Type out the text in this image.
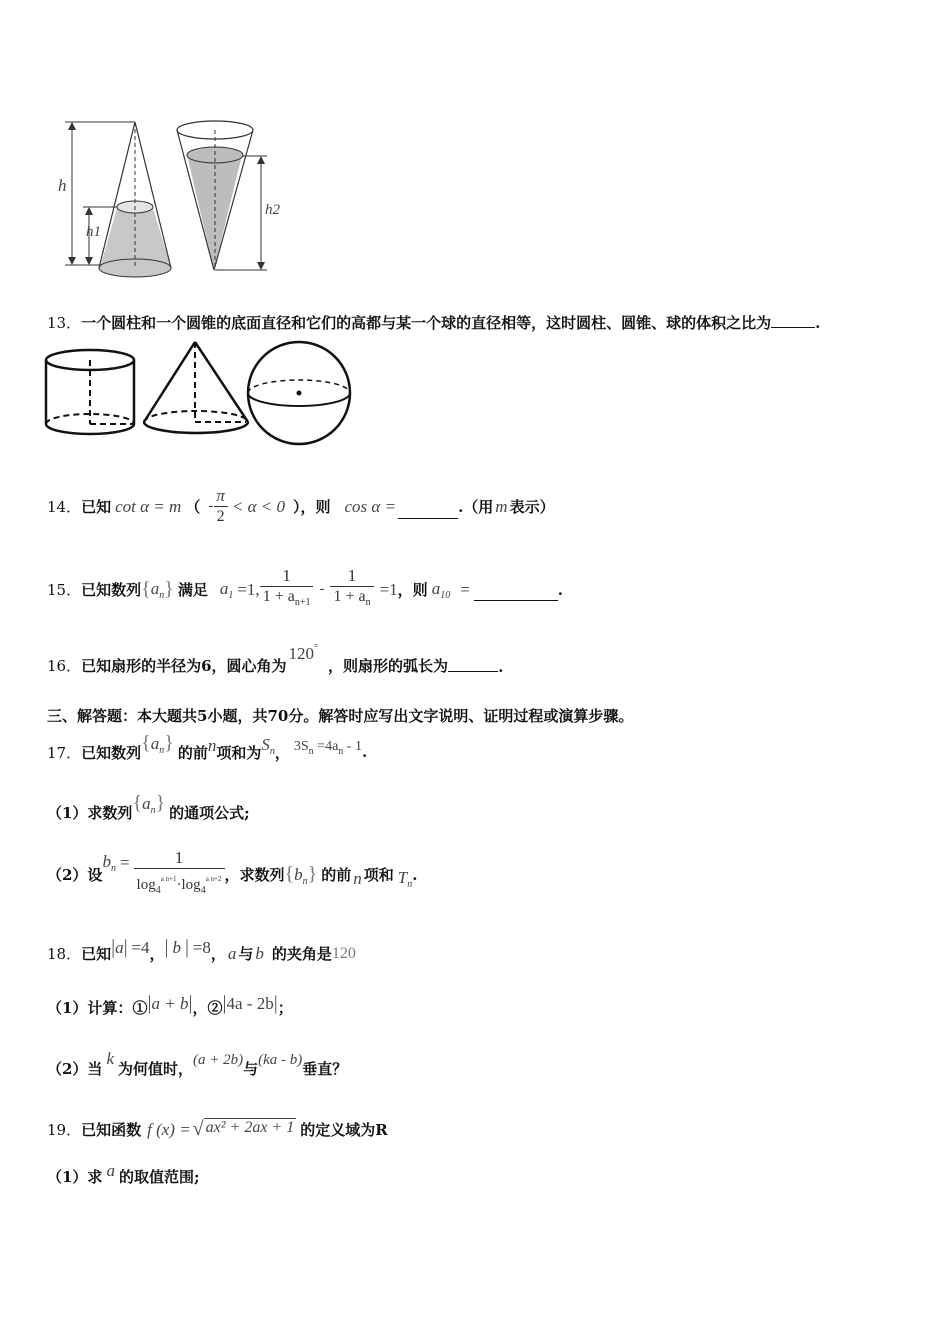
h
h1
h2
13．一个圆柱和一个圆锥的底面直径和它们的高都与某一个球的直径相等，这时圆柱、圆锥、球的体积之比为	.
14． 已知 cot α = m （ - $\frac{\pi}{2} < \alpha < 0$ ），则 cos α =	.（用 m 表示）
15． 已知数列 { $a_n$ } 满足 $a_1 =1$, $\frac{1}{1 + a_{n+1}} - \frac{1}{1 + a_n} =1$ ，则 $a_{10}$ =	.
16． 已知扇形的半径为6，圆心角为
120°
，则扇形的弧长为	.
三、解答题：本大题共5小题，共70分。解答时应写出文字说明、证明过程或演算步骤。
17． 已知数列 $\{a_n\}$ 的前 n 项和为 $S_n$ ， $3S_n =4a_n - 1$ .
（1）求数列 $\{a_n\}$ 的通项公式;
（2）设
$b_n = \frac{1}{\log_4^{a n+1}\cdot\log_4^{a n+2}}$ ，求数列 $\{b_n\}$ 的前 n 项和 $T_n$
.
18． 已知 |a| =4 ， | b | =8 ， a 与 b 的夹角是 120
（1）计算：① |a + b| ，② |4a - 2b| ；
（2）当
k
为何值时， (a + 2b) 与 (ka - b) 垂直？
19． 已知函数 f (x) = √ ax² + 2ax + 1 的定义域为 R
（1）求 a 的取值范围;
